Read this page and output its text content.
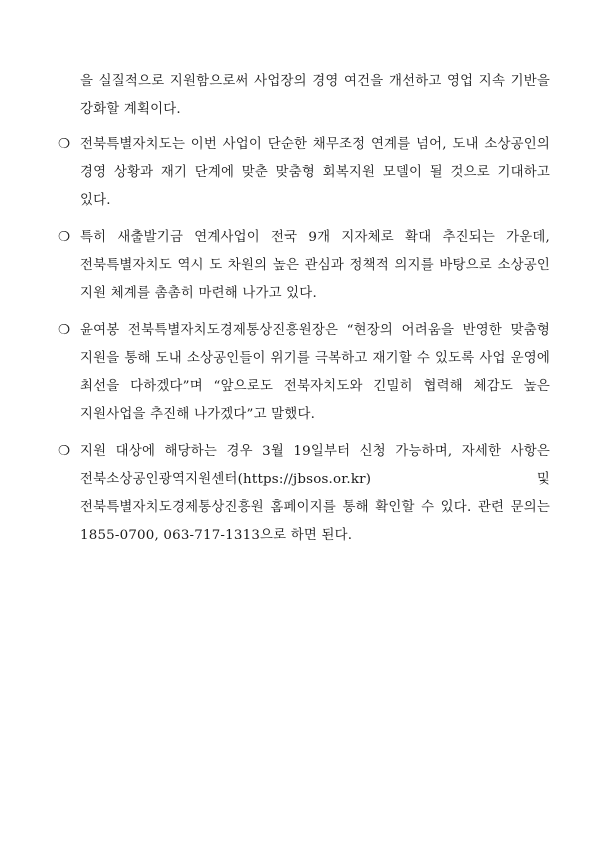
을 실질적으로 지원함으로써 사업장의 경영 여건을 개선하고 영업 지속 기반을 강화할 계획이다.
❍ 전북특별자치도는 이번 사업이 단순한 채무조정 연계를 넘어, 도내 소상공인의 경영 상황과 재기 단계에 맞춘 맞춤형 회복지원 모델이 될 것으로 기대하고 있다.
❍ 특히 새출발기금 연계사업이 전국 9개 지자체로 확대 추진되는 가운데, 전북특별자치도 역시 도 차원의 높은 관심과 정책적 의지를 바탕으로 소상공인 지원 체계를 촘촘히 마련해 나가고 있다.
❍ 윤여봉 전북특별자치도경제통상진흥원장은 “현장의 어려움을 반영한 맞춤형 지원을 통해 도내 소상공인들이 위기를 극복하고 재기할 수 있도록 사업 운영에 최선을 다하겠다”며 “앞으로도 전북자치도와 긴밀히 협력해 체감도 높은 지원사업을 추진해 나가겠다”고 말했다.
❍ 지원 대상에 해당하는 경우 3월 19일부터 신청 가능하며, 자세한 사항은 전북소상공인광역지원센터(https://jbsos.or.kr) 및 전북특별자치도경제통상진흥원 홈페이지를 통해 확인할 수 있다. 관련 문의는 1855-0700, 063-717-1313으로 하면 된다.
